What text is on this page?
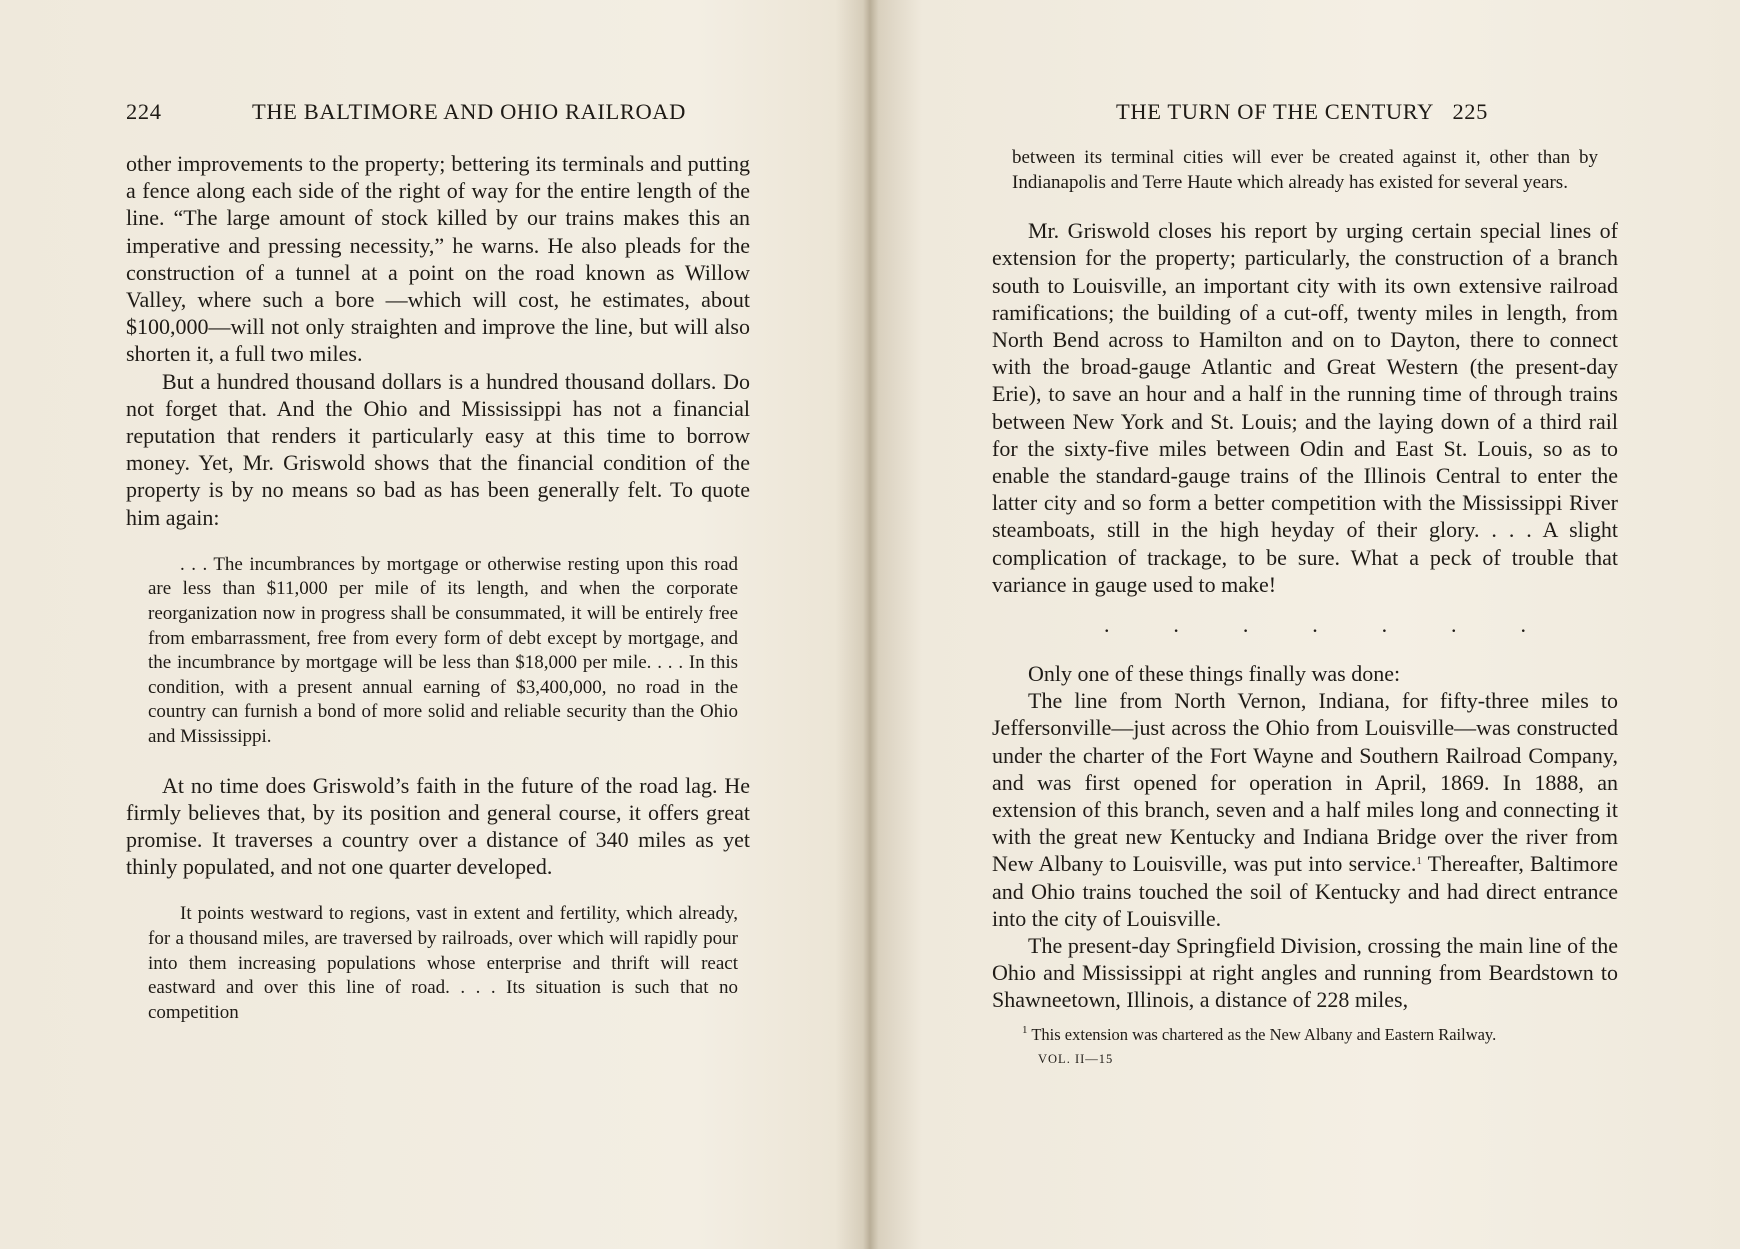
224	THE BALTIMORE AND OHIO RAILROAD

other improvements to the property; bettering its terminals and putting a fence along each side of the right of way for the entire length of the line. “The large amount of stock killed by our trains makes this an imperative and pressing necessity,” he warns. He also pleads for the construction of a tunnel at a point on the road known as Willow Valley, where such a bore —which will cost, he estimates, about $100,000—will not only straighten and improve the line, but will also shorten it, a full two miles.

But a hundred thousand dollars is a hundred thousand dollars. Do not forget that. And the Ohio and Mississippi has not a financial reputation that renders it particularly easy at this time to borrow money. Yet, Mr. Griswold shows that the financial condition of the property is by no means so bad as has been generally felt. To quote him again:

. . . The incumbrances by mortgage or otherwise resting upon this road are less than $11,000 per mile of its length, and when the corporate reorganization now in progress shall be consummated, it will be entirely free from embarrassment, free from every form of debt except by mortgage, and the incumbrance by mortgage will be less than $18,000 per mile. . . . In this condition, with a present annual earning of $3,400,000, no road in the country can furnish a bond of more solid and reliable security than the Ohio and Mississippi.

At no time does Griswold’s faith in the future of the road lag. He firmly believes that, by its position and general course, it offers great promise. It traverses a country over a distance of 340 miles as yet thinly populated, and not one quarter developed.

It points westward to regions, vast in extent and fertility, which already, for a thousand miles, are traversed by railroads, over which will rapidly pour into them increasing populations whose enterprise and thrift will react eastward and over this line of road. . . . Its situation is such that no competition

THE TURN OF THE CENTURY 225

between its terminal cities will ever be created against it, other than by Indianapolis and Terre Haute which already has existed for several years.

Mr. Griswold closes his report by urging certain special lines of extension for the property; particularly, the construction of a branch south to Louisville, an important city with its own extensive railroad ramifications; the building of a cut-off, twenty miles in length, from North Bend across to Hamilton and on to Dayton, there to connect with the broad-gauge Atlantic and Great Western (the present-day Erie), to save an hour and a half in the running time of through trains between New York and St. Louis; and the laying down of a third rail for the sixty-five miles between Odin and East St. Louis, so as to enable the standard-gauge trains of the Illinois Central to enter the latter city and so form a better competition with the Mississippi River steamboats, still in the high heyday of their glory. . . . A slight complication of trackage, to be sure. What a peck of trouble that variance in gauge used to make!

.	.	.	.	.	.	.

Only one of these things finally was done:

The line from North Vernon, Indiana, for fifty-three miles to Jeffersonville—just across the Ohio from Louisville—was constructed under the charter of the Fort Wayne and Southern Railroad Company, and was first opened for operation in April, 1869. In 1888, an extension of this branch, seven and a half miles long and connecting it with the great new Kentucky and Indiana Bridge over the river from New Albany to Louisville, was put into service.$^1$ Thereafter, Baltimore and Ohio trains touched the soil of Kentucky and had direct entrance into the city of Louisville.

The present-day Springfield Division, crossing the main line of the Ohio and Mississippi at right angles and running from Beardstown to Shawneetown, Illinois, a distance of 228 miles,

$^1$ This extension was chartered as the New Albany and Eastern Railway.
VOL. II—15
